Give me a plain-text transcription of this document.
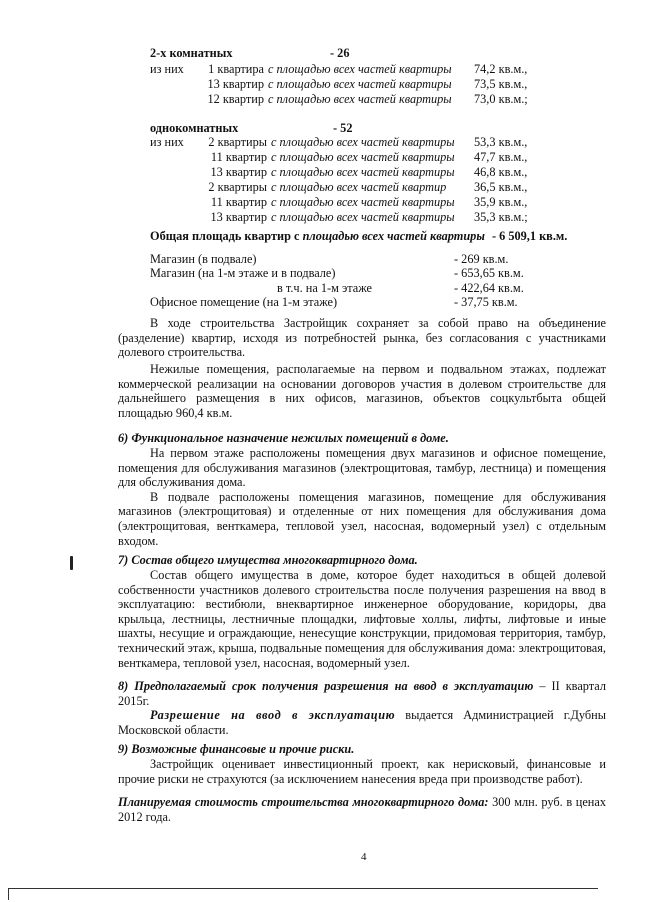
2-х комнатных	- 26
из них	1 квартира с площадью всех частей квартиры 74,2 кв.м.,
13 квартир с площадью всех частей квартиры 73,5 кв.м.,
12 квартир с площадью всех частей квартиры 73,0 кв.м.;
однокомнатных	- 52
из них	2 квартиры с площадью всех частей квартиры 53,3 кв.м.,
11 квартир с площадью всех частей квартиры 47,7 кв.м.,
13 квартир с площадью всех частей квартиры 46,8 кв.м.,
2 квартиры с площадью всех частей квартир 36,5 кв.м.,
11 квартир с площадью всех частей квартиры 35,9 кв.м.,
13 квартир с площадью всех частей квартиры 35,3 кв.м.;
Общая площадь квартир с площадью всех частей квартиры - 6 509,1 кв.м.
Магазин (в подвале)	- 269 кв.м.
Магазин (на 1-м этаже и в подвале)	- 653,65 кв.м.
в т.ч. на 1-м этаже	- 422,64 кв.м.
Офисное помещение (на 1-м этаже)	- 37,75 кв.м.

В ходе строительства Застройщик сохраняет за собой право на объединение (разделение) квартир, исходя из потребностей рынка, без согласования с участниками долевого строительства.

Нежилые помещения, располагаемые на первом и подвальном этажах, подлежат коммерческой реализации на основании договоров участия в долевом строительстве для дальнейшего размещения в них офисов, магазинов, объектов соцкультбыта общей площадью 960,4 кв.м.

6) Функциональное назначение нежилых помещений в доме.

На первом этаже расположены помещения двух магазинов и офисное помещение, помещения для обслуживания магазинов (электрощитовая, тамбур, лестница) и помещения для обслуживания дома.

В подвале расположены помещения магазинов, помещение для обслуживания магазинов (электрощитовая) и отделенные от них помещения для обслуживания дома (электрощитовая, венткамера, тепловой узел, насосная, водомерный узел) с отдельным входом.

7) Состав общего имущества многоквартирного дома.

Состав общего имущества в доме, которое будет находиться в общей долевой собственности участников долевого строительства после получения разрешения на ввод в эксплуатацию: вестибюли, внеквартирное инженерное оборудование, коридоры, два крыльца, лестницы, лестничные площадки, лифтовые холлы, лифты, лифтовые и иные шахты, несущие и ограждающие, ненесущие конструкции, придомовая территория, тамбур, технический этаж, крыша, подвальные помещения для обслуживания дома: электрощитовая, венткамера, тепловой узел, насосная, водомерный узел.

8) Предполагаемый срок получения разрешения на ввод в эксплуатацию – II квартал 2015г.

Разрешение на ввод в эксплуатацию выдается Администрацией г.Дубны Московской области.

9) Возможные финансовые и прочие риски.

Застройщик оценивает инвестиционный проект, как нерисковый, финансовые и прочие риски не страхуются (за исключением нанесения вреда при производстве работ).

Планируемая стоимость строительства многоквартирного дома: 300 млн. руб. в ценах 2012 года.

4
